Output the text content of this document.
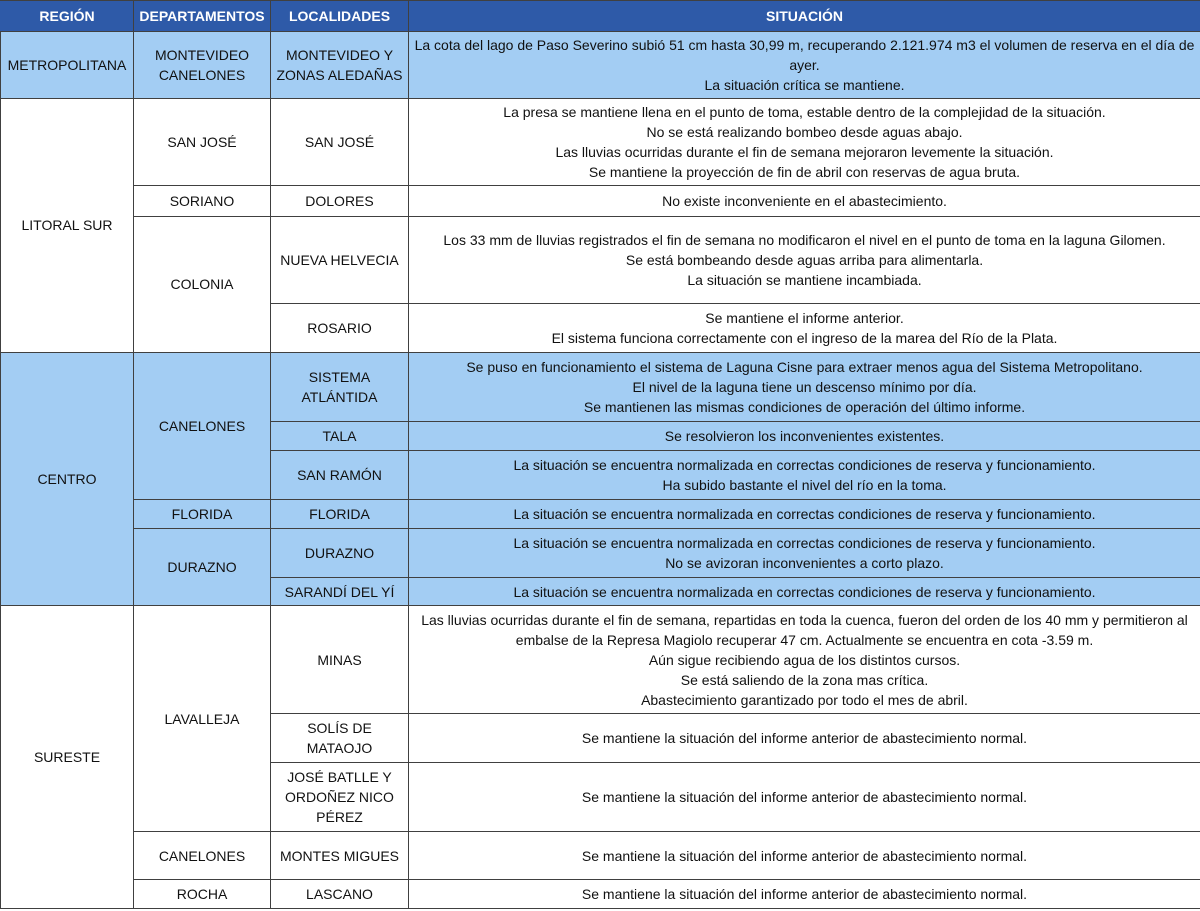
REGIÓN	DEPARTAMENTOS	LOCALIDADES	SITUACIÓN
METROPOLITANA	MONTEVIDEO CANELONES	MONTEVIDEO Y ZONAS ALEDAÑAS	La cota del lago de Paso Severino subió 51 cm hasta 30,99 m, recuperando 2.121.974 m3 el volumen de reserva en el día de ayer.
La situación crítica se mantiene.

LITORAL SUR	SAN JOSÉ	SAN JOSÉ	La presa se mantiene llena en el punto de toma, estable dentro de la complejidad de la situación.
No se está realizando bombeo desde aguas abajo.
Las lluvias ocurridas durante el fin de semana mejoraron levemente la situación.
Se mantiene la proyección de fin de abril con reservas de agua bruta.

	SORIANO	DOLORES	No existe inconveniente en el abastecimiento.

	COLONIA	NUEVA HELVECIA	Los 33 mm de lluvias registrados el fin de semana no modificaron el nivel en el punto de toma en la laguna Gilomen.
Se está bombeando desde aguas arriba para alimentarla.
La situación se mantiene incambiada.

		ROSARIO	Se mantiene el informe anterior.
El sistema funciona correctamente con el ingreso de la marea del Río de la Plata.

CENTRO	CANELONES	SISTEMA ATLÁNTIDA	Se puso en funcionamiento el sistema de Laguna Cisne para extraer menos agua del Sistema Metropolitano.
El nivel de la laguna tiene un descenso mínimo por día.
Se mantienen las mismas condiciones de operación del último informe.

		TALA	Se resolvieron los inconvenientes existentes.

		SAN RAMÓN	La situación se encuentra normalizada en correctas condiciones de reserva y funcionamiento.
Ha subido bastante el nivel del río en la toma.

	FLORIDA	FLORIDA	La situación se encuentra normalizada en correctas condiciones de reserva y funcionamiento.

	DURAZNO	DURAZNO	La situación se encuentra normalizada en correctas condiciones de reserva y funcionamiento.
No se avizoran inconvenientes a corto plazo.

		SARANDÍ DEL YÍ	La situación se encuentra normalizada en correctas condiciones de reserva y funcionamiento.

SURESTE	LAVALLEJA	MINAS	Las lluvias ocurridas durante el fin de semana, repartidas en toda la cuenca, fueron del orden de los 40 mm y permitieron al embalse de la Represa Magiolo recuperar 47 cm. Actualmente se encuentra en cota -3.59 m.
Aún sigue recibiendo agua de los distintos cursos.
Se está saliendo de la zona mas crítica.
Abastecimiento garantizado por todo el mes de abril.

		SOLÍS DE MATAOJO	Se mantiene la situación del informe anterior de abastecimiento normal.

		JOSÉ BATLLE Y ORDOÑEZ NICO PÉREZ	Se mantiene la situación del informe anterior de abastecimiento normal.

	CANELONES	MONTES MIGUES	Se mantiene la situación del informe anterior de abastecimiento normal.

	ROCHA	LASCANO	Se mantiene la situación del informe anterior de abastecimiento normal.
